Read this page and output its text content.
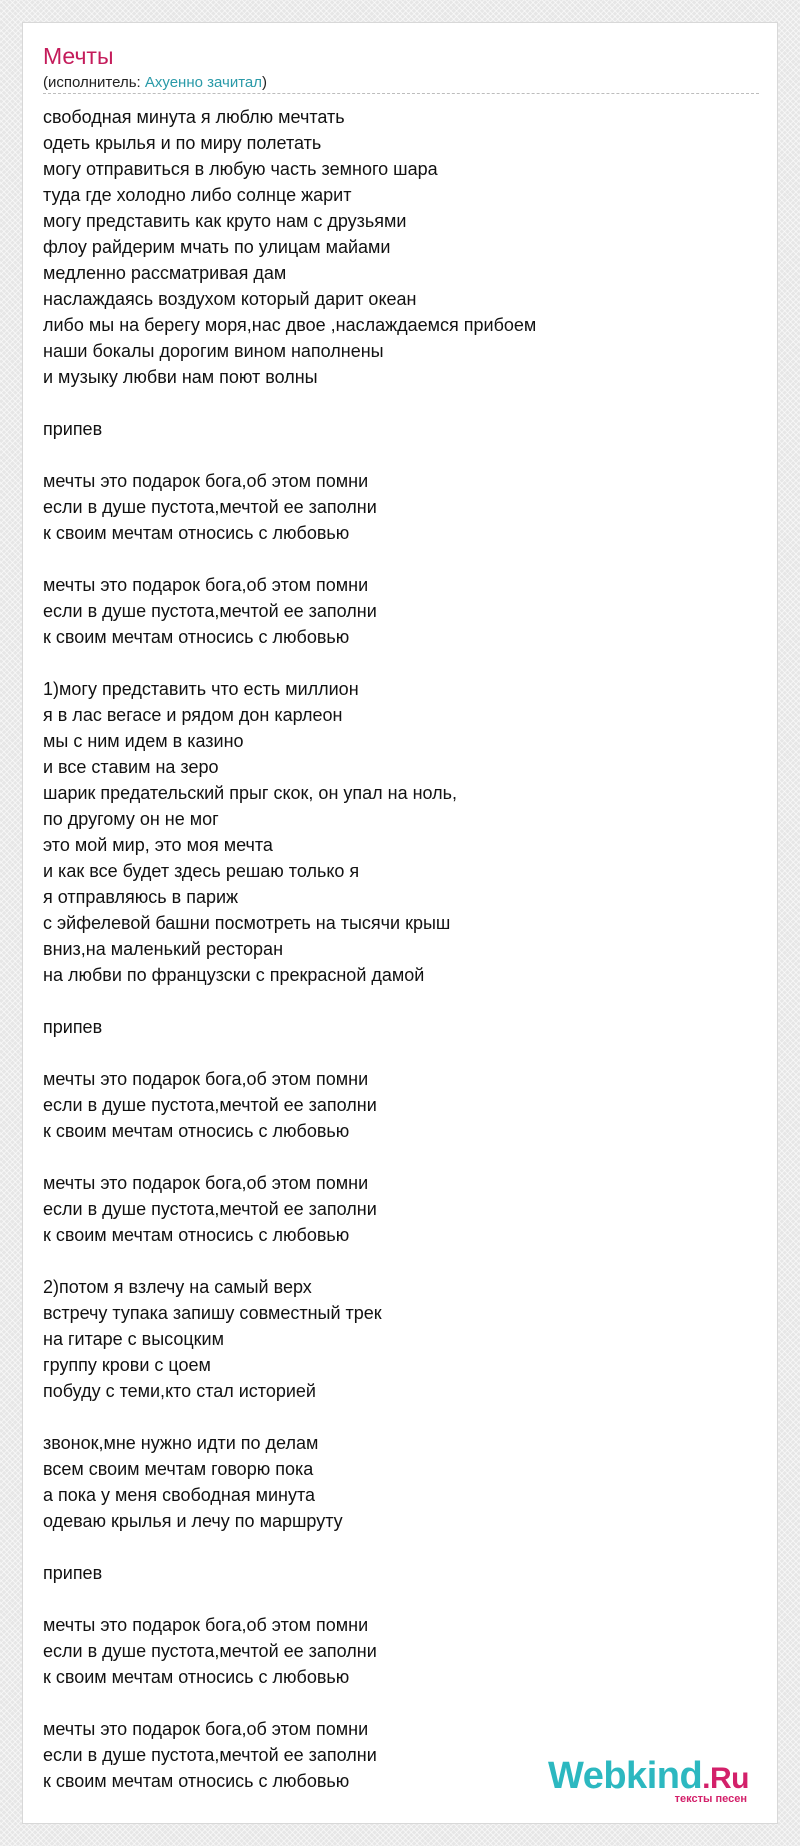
Мечты
(исполнитель: Ахуенно зачитал)
свободная минута я люблю мечтать
одеть крылья и по миру полетать
могу отправиться в любую часть земного шара
туда где холодно либо солнце жарит
могу представить как круто нам с друзьями
флоу райдерим мчать по улицам майами
медленно рассматривая дам
наслаждаясь воздухом который дарит океан
либо мы на берегу моря,нас двое ,наслаждаемся прибоем
наши бокалы дорогим вином наполнены
и музыку любви нам поют волны

припев

мечты это подарок бога,об этом помни
если в душе пустота,мечтой ее заполни
к своим мечтам относись с любовью

мечты это подарок бога,об этом помни
если в душе пустота,мечтой ее заполни
к своим мечтам относись с любовью

1)могу представить что есть миллион
я в лас вегасе и рядом дон карлеон
мы с ним идем в казино
и все ставим на зеро
шарик предательский прыг скок, он упал на ноль,
по другому он не мог
это мой мир, это моя мечта
и как все будет здесь решаю только я
я отправляюсь в париж
с эйфелевой башни посмотреть на тысячи крыш
вниз,на маленький ресторан
на любви по французски с прекрасной дамой

припев

мечты это подарок бога,об этом помни
если в душе пустота,мечтой ее заполни
к своим мечтам относись с любовью

мечты это подарок бога,об этом помни
если в душе пустота,мечтой ее заполни
к своим мечтам относись с любовью

2)потом я взлечу на самый верх
встречу тупака запишу совместный трек
на гитаре с высоцким
группу крови с цоем
побуду с теми,кто стал историей

звонок,мне нужно идти по делам
всем своим мечтам говорю пока
а пока у меня свободная минута
одеваю крылья и лечу по маршруту

припев

мечты это подарок бога,об этом помни
если в душе пустота,мечтой ее заполни
к своим мечтам относись с любовью

мечты это подарок бога,об этом помни
если в душе пустота,мечтой ее заполни
к своим мечтам относись с любовью	Webkind.Ru
тексты песен
